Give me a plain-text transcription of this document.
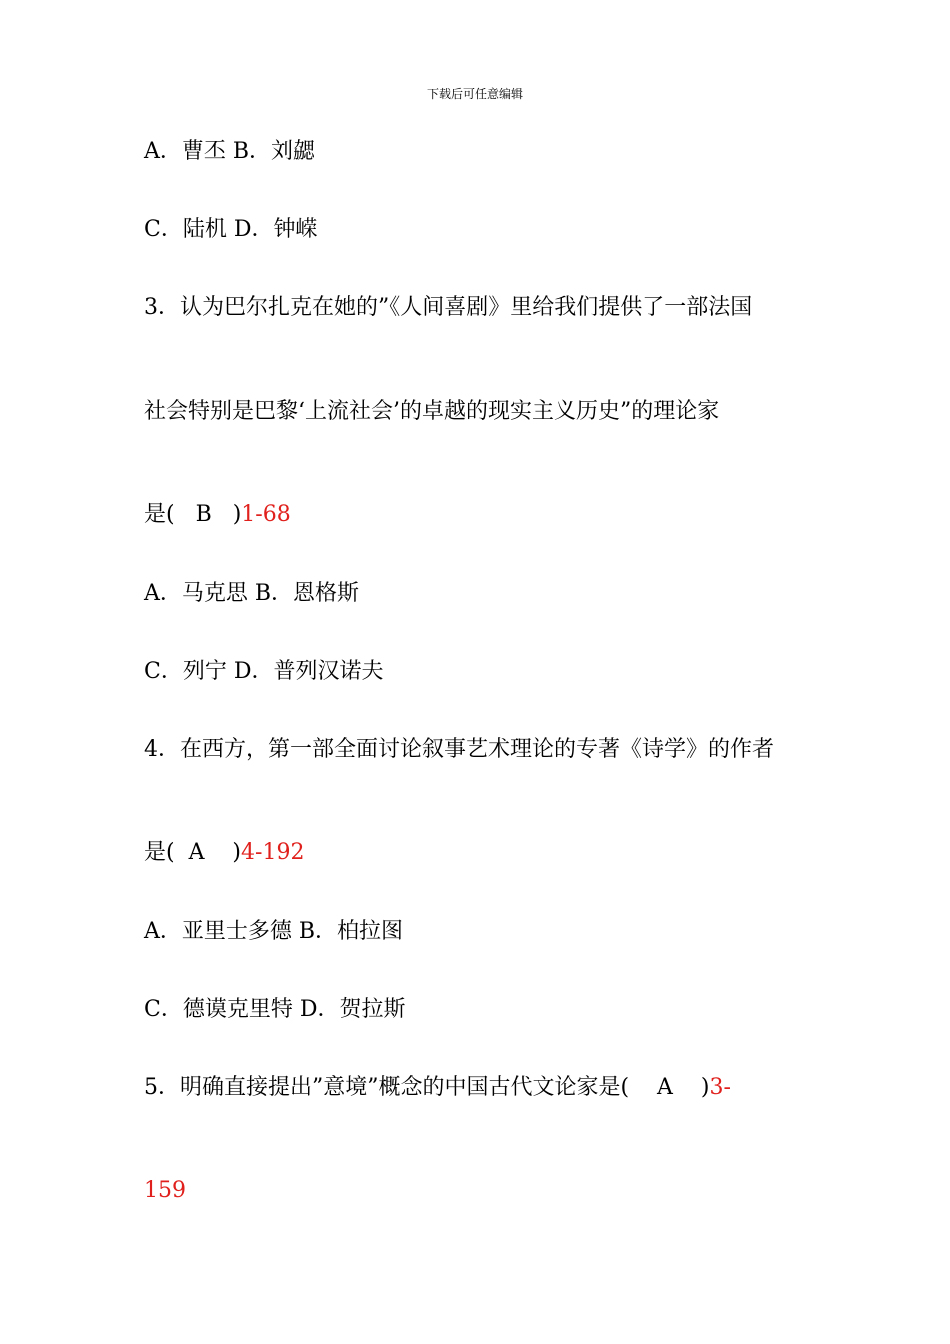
下载后可任意编辑
A．曹丕 B．刘勰
C．陆机 D．钟嵘
3．认为巴尔扎克在她的”《人间喜剧》里给我们提供了一部法国
社会特别是巴黎‘上流社会’的卓越的现实主义历史”的理论家
是(   B   )1-68
A．马克思 B．恩格斯
C．列宁 D．普列汉诺夫
4．在西方，第一部全面讨论叙事艺术理论的专著《诗学》的作者
是(  A    )4-192
A．亚里士多德 B．柏拉图
C．德谟克里特 D．贺拉斯
5．明确直接提出”意境”概念的中国古代文论家是(    A    )3-
159
